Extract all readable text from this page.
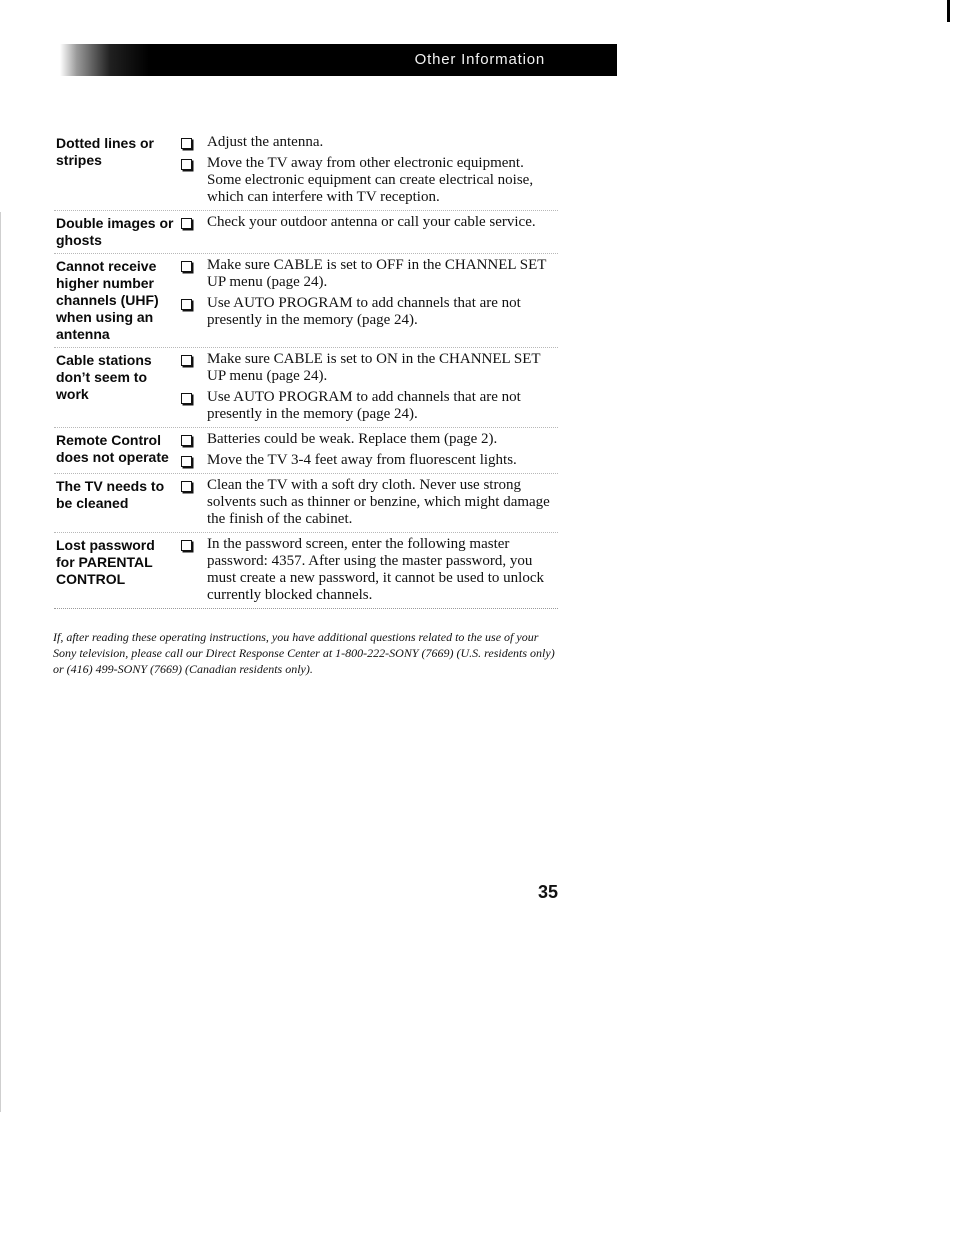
Other Information
Dotted lines or stripes
Adjust the antenna.
Move the TV away from other electronic equipment. Some electronic equipment can create electrical noise, which can interfere with TV reception.
Double images or ghosts
Check your outdoor antenna or call your cable service.
Cannot receive higher number channels (UHF) when using an antenna
Make sure CABLE is set to OFF in the CHANNEL SET UP menu (page 24).
Use AUTO PROGRAM to add channels that are not presently in the memory (page 24).
Cable stations don’t seem to work
Make sure CABLE is set to ON in the CHANNEL SET UP menu (page 24).
Use AUTO PROGRAM to add channels that are not presently in the memory (page 24).
Remote Control does not operate
Batteries could be weak. Replace them (page 2).
Move the TV 3-4 feet away from fluorescent lights.
The TV needs to be cleaned
Clean the TV with a soft dry cloth. Never use strong solvents such as thinner or benzine, which might damage the finish of the cabinet.
Lost password for PARENTAL CONTROL
In the password screen, enter the following master password: 4357. After using the master password, you must create a new password, it cannot be used to unlock currently blocked channels.
If, after reading these operating instructions, you have additional questions related to the use of your Sony television, please call our Direct Response Center at 1-800-222-SONY (7669) (U.S. residents only) or (416) 499-SONY (7669) (Canadian residents only).
35
